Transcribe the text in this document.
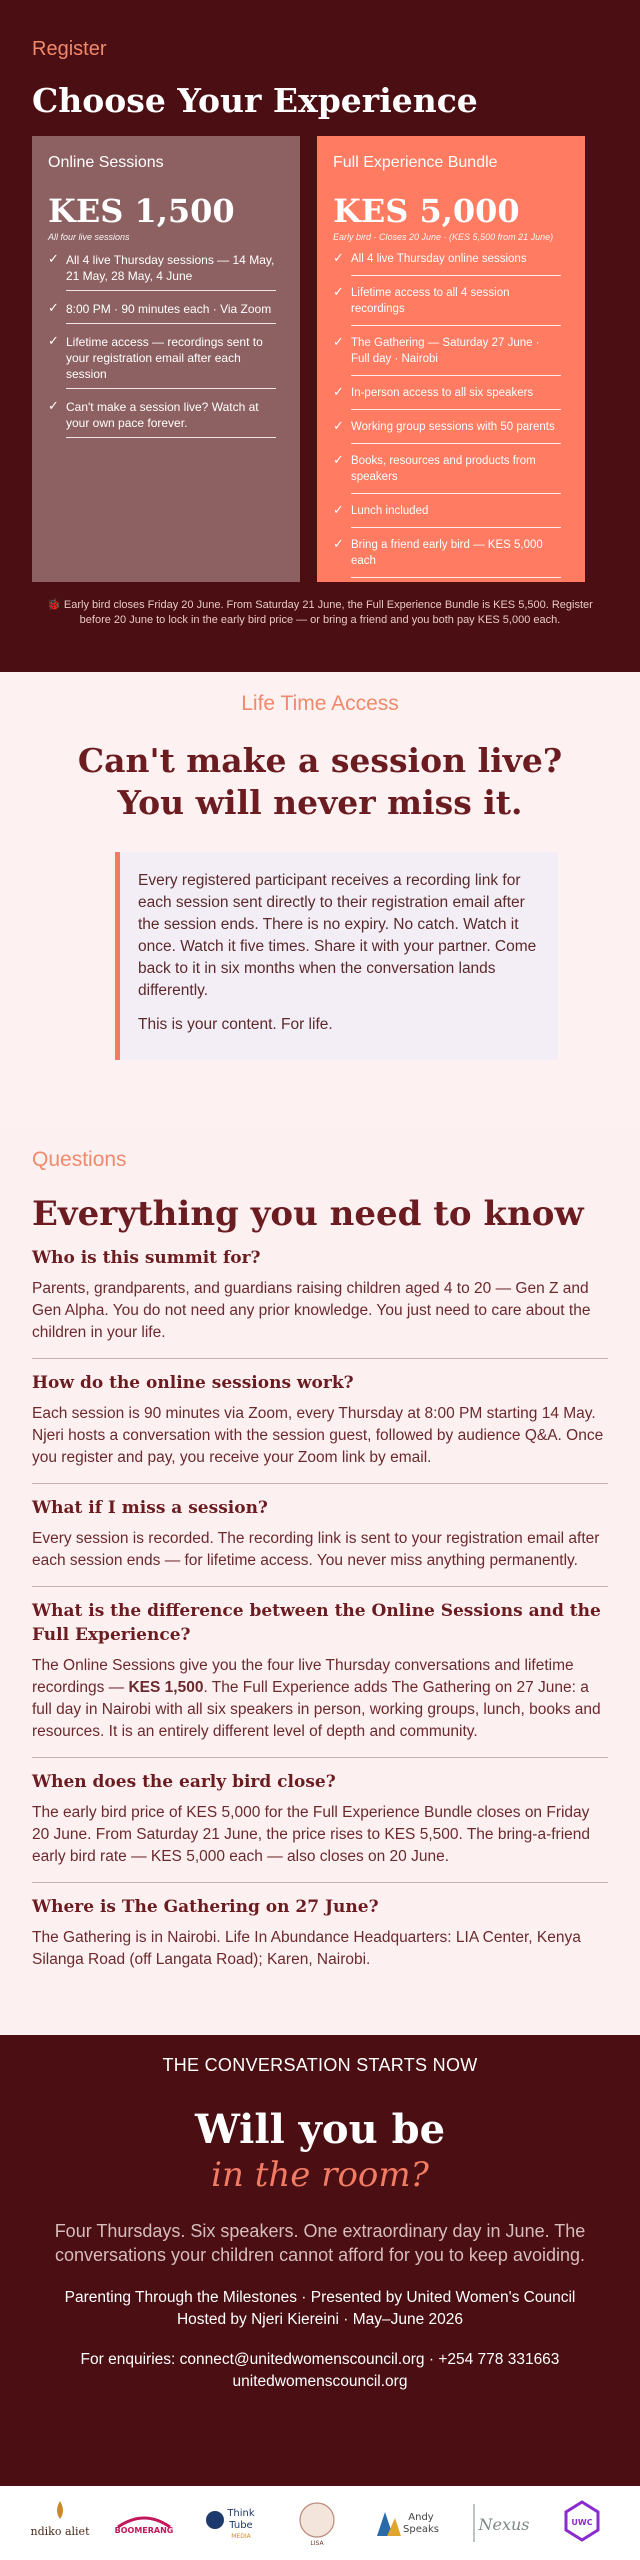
Register
Choose Your Experience
Online Sessions
KES 1,500
All four live sessions
✓ All 4 live Thursday sessions — 14 May, 21 May, 28 May, 4 June
✓ 8:00 PM · 90 minutes each · Via Zoom
✓ Lifetime access — recordings sent to your registration email after each session
✓ Can't make a session live? Watch at your own pace forever.
Full Experience Bundle
KES 5,000
Early bird · Closes 20 June · (KES 5,500 from 21 June)
✓ All 4 live Thursday online sessions
✓ Lifetime access to all 4 session recordings
✓ The Gathering — Saturday 27 June · Full day · Nairobi
✓ In-person access to all six speakers
✓ Working group sessions with 50 parents
✓ Books, resources and products from speakers
✓ Lunch included
✓ Bring a friend early bird — KES 5,000 each
🐞 Early bird closes Friday 20 June. From Saturday 21 June, the Full Experience Bundle is KES 5,500. Register before 20 June to lock in the early bird price — or bring a friend and you both pay KES 5,000 each.
Life Time Access
Can't make a session live?
You will never miss it.

Every registered participant receives a recording link for each session sent directly to their registration email after the session ends. There is no expiry. No catch. Watch it once. Watch it five times. Share it with your partner. Come back to it in six months when the conversation lands differently.

This is your content. For life.

Questions
Everything you need to know
Who is this summit for?
Parents, grandparents, and guardians raising children aged 4 to 20 — Gen Z and Gen Alpha. You do not need any prior knowledge. You just need to care about the children in your life.
How do the online sessions work?
Each session is 90 minutes via Zoom, every Thursday at 8:00 PM starting 14 May. Njeri hosts a conversation with the session guest, followed by audience Q&A. Once you register and pay, you receive your Zoom link by email.
What if I miss a session?
Every session is recorded. The recording link is sent to your registration email after each session ends — for lifetime access. You never miss anything permanently.
What is the difference between the Online Sessions and the Full Experience?
The Online Sessions give you the four live Thursday conversations and lifetime recordings — KES 1,500. The Full Experience adds The Gathering on 27 June: a full day in Nairobi with all six speakers in person, working groups, lunch, books and resources. It is an entirely different level of depth and community.
When does the early bird close?
The early bird price of KES 5,000 for the Full Experience Bundle closes on Friday 20 June. From Saturday 21 June, the price rises to KES 5,500. The bring-a-friend early bird rate — KES 5,000 each — also closes on 20 June.
Where is The Gathering on 27 June?
The Gathering is in Nairobi. Life In Abundance Headquarters: LIA Center, Kenya Silanga Road (off Langata Road); Karen, Nairobi.
THE CONVERSATION STARTS NOW
Will you be
in the room?
Four Thursdays. Six speakers. One extraordinary day in June. The conversations your children cannot afford for you to keep avoiding.
Parenting Through the Milestones · Presented by United Women's Council
Hosted by Njeri Kiereini · May–June 2026
For enquiries: connect@unitedwomenscouncil.org · +254 778 331663
unitedwomenscouncil.org
ndiko aliet	BOOMERANG
Think
Tube
MEDIA
LISA
Andy
Speaks	Nexus	UWC
